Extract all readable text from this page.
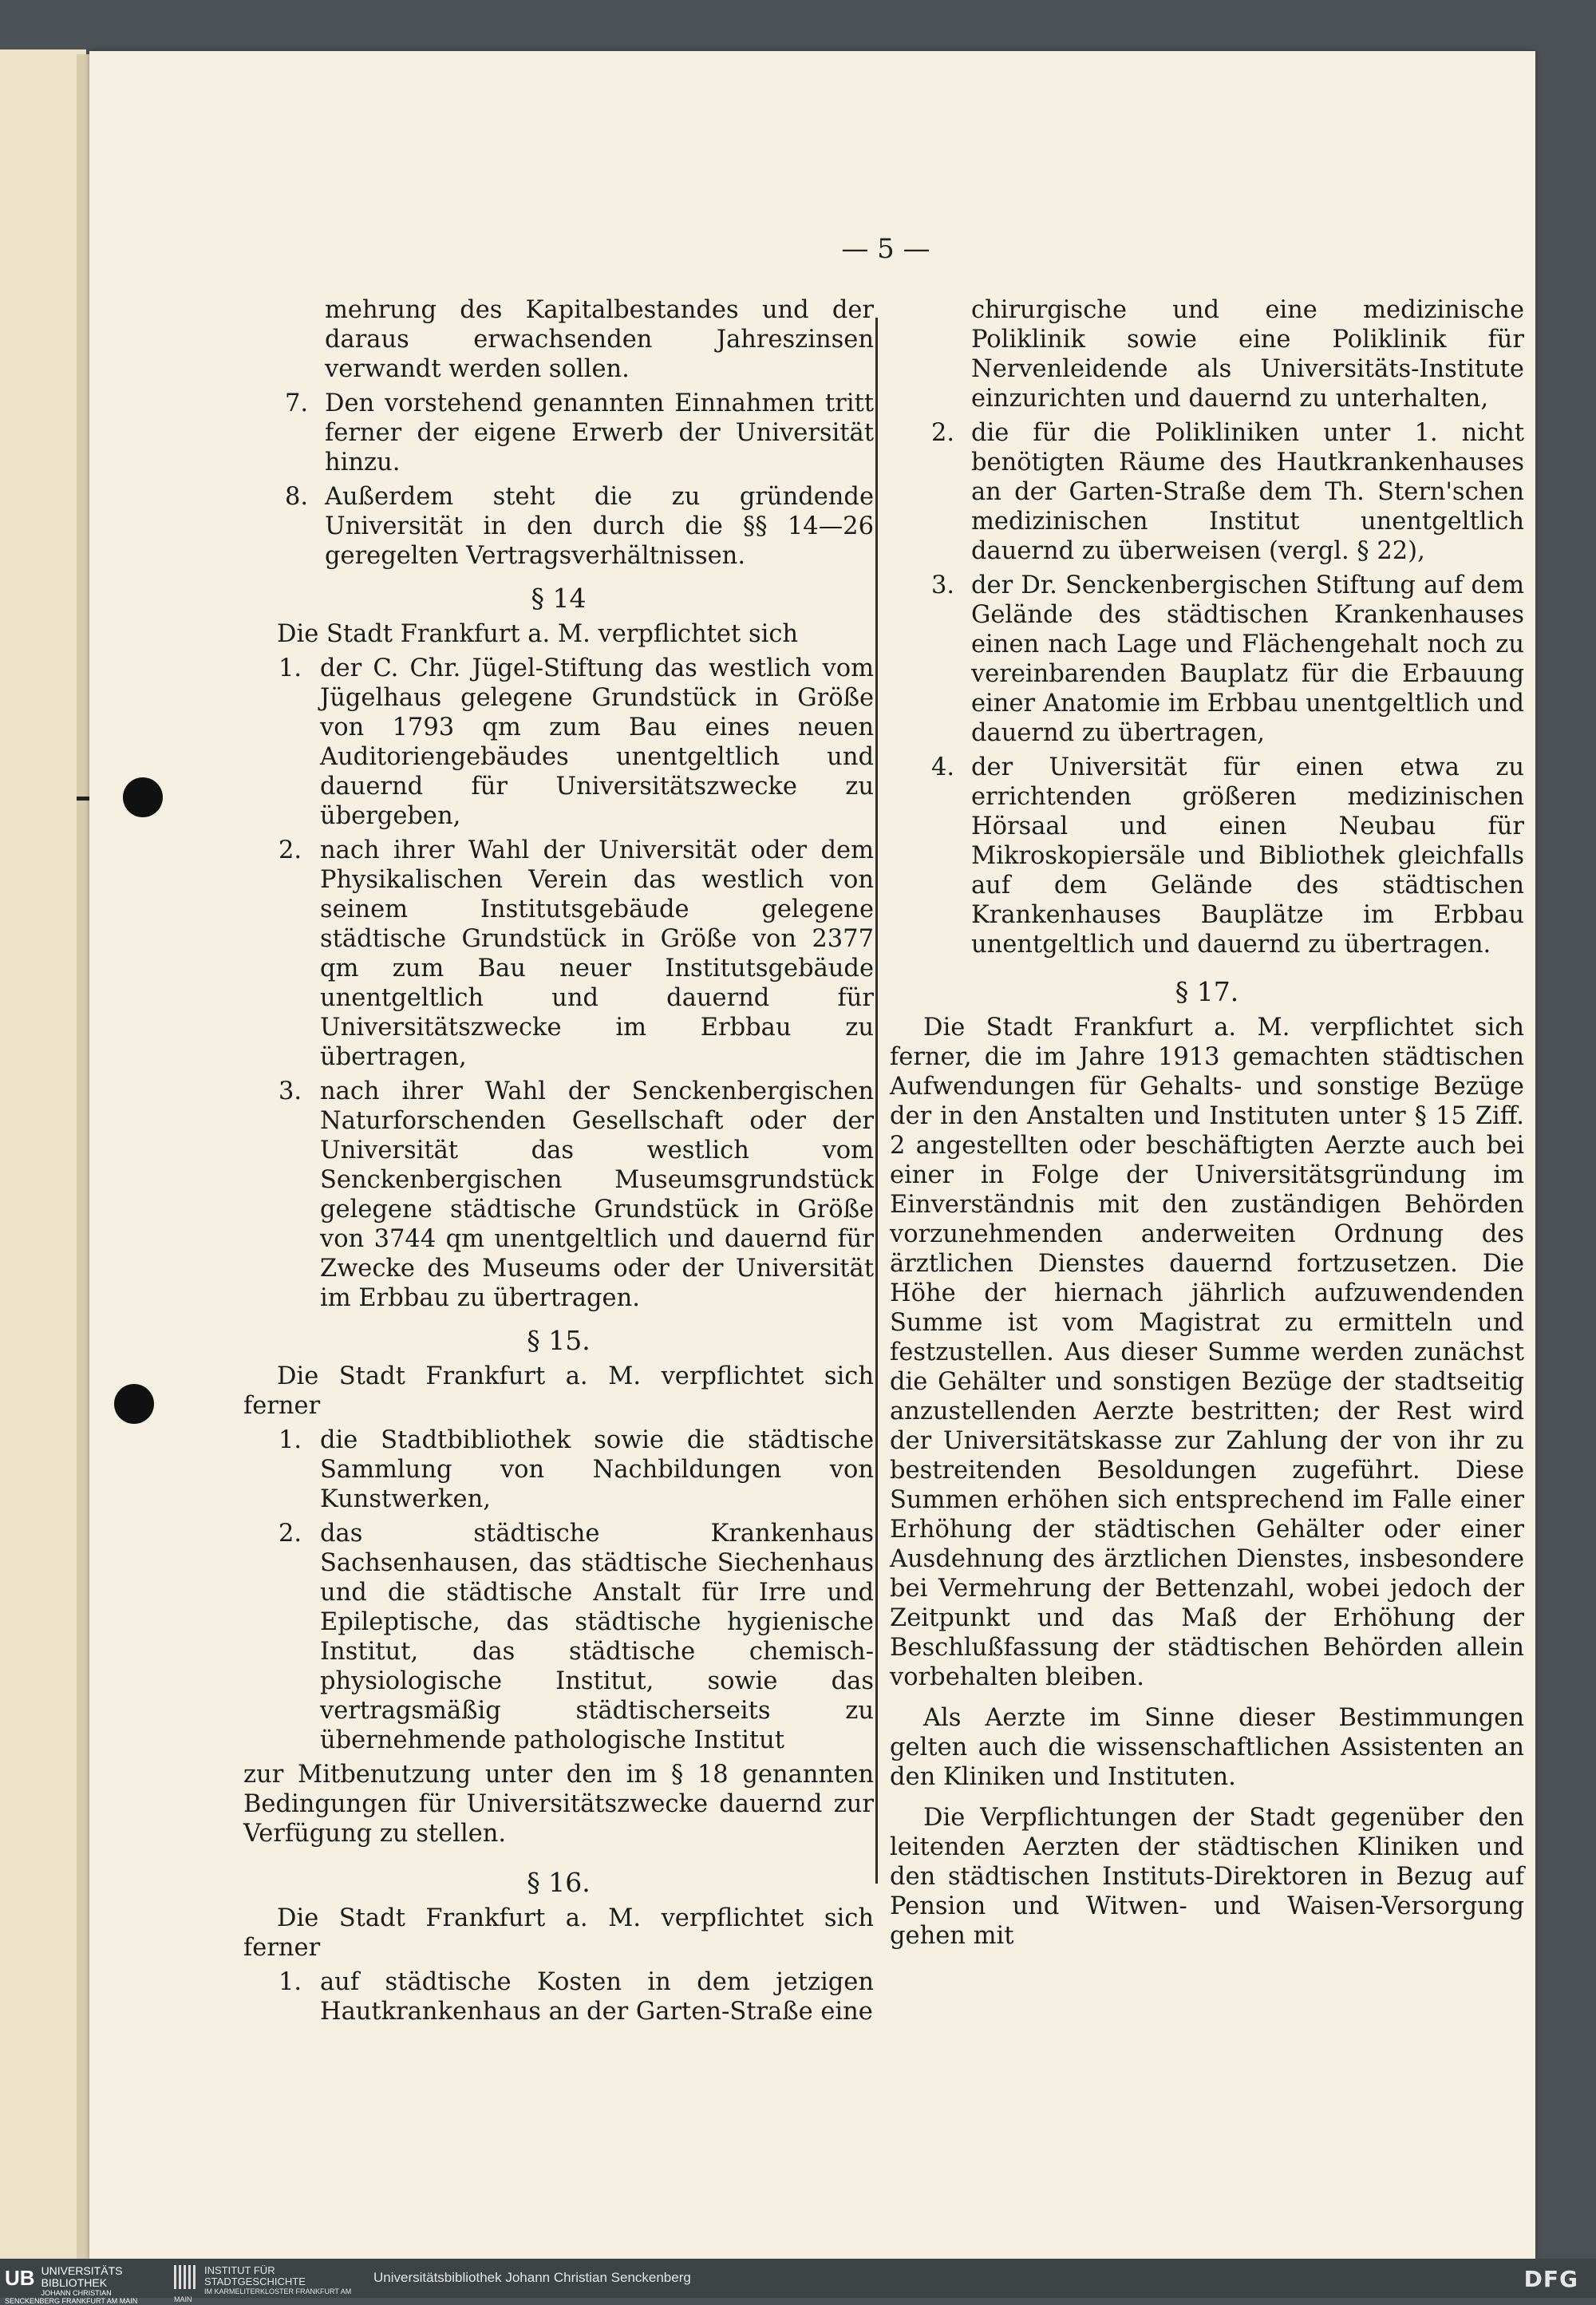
— 5 —

mehrung des Kapitalbestandes und der daraus erwachsenden Jahreszinsen verwandt werden sollen.

7. Den vorstehend genannten Einnahmen tritt ferner der eigene Erwerb der Universität hinzu.
8. Außerdem steht die zu gründende Universität in den durch die §§ 14—26 geregelten Vertragsverhältnissen.
§ 14

Die Stadt Frankfurt a. M. verpflichtet sich

1. der C. Chr. Jügel-Stiftung das westlich vom Jügelhaus gelegene Grundstück in Größe von 1793 qm zum Bau eines neuen Auditoriengebäudes unentgeltlich und dauernd für Universitätszwecke zu übergeben,
2. nach ihrer Wahl der Universität oder dem Physikalischen Verein das westlich von seinem Institutsgebäude gelegene städtische Grundstück in Größe von 2377 qm zum Bau neuer Institutsgebäude unentgeltlich und dauernd für Universitätszwecke im Erbbau zu übertragen,
3. nach ihrer Wahl der Senckenbergischen Naturforschenden Gesellschaft oder der Universität das westlich vom Senckenbergischen Museumsgrundstück gelegene städtische Grundstück in Größe von 3744 qm unentgeltlich und dauernd für Zwecke des Museums oder der Universität im Erbbau zu übertragen.
§ 15.

Die Stadt Frankfurt a. M. verpflichtet sich ferner

1. die Stadtbibliothek sowie die städtische Sammlung von Nachbildungen von Kunstwerken,
2. das städtische Krankenhaus Sachsenhausen, das städtische Siechenhaus und die städtische Anstalt für Irre und Epileptische, das städtische hygienische Institut, das städtische chemisch-physiologische Institut, sowie das vertragsmäßig städtischerseits zu übernehmende pathologische Institut

zur Mitbenutzung unter den im § 18 genannten Bedingungen für Universitätszwecke dauernd zur Verfügung zu stellen.

§ 16.

Die Stadt Frankfurt a. M. verpflichtet sich ferner

1. auf städtische Kosten in dem jetzigen Hautkrankenhaus an der Garten-Straße eine

chirurgische und eine medizinische Poliklinik sowie eine Poliklinik für Nervenleidende als Universitäts-Institute einzurichten und dauernd zu unterhalten,

2. die für die Polikliniken unter 1. nicht benötigten Räume des Hautkrankenhauses an der Garten-Straße dem Th. Stern'schen medizinischen Institut unentgeltlich dauernd zu überweisen (vergl. § 22),
3. der Dr. Senckenbergischen Stiftung auf dem Gelände des städtischen Krankenhauses einen nach Lage und Flächengehalt noch zu vereinbarenden Bauplatz für die Erbauung einer Anatomie im Erbbau unentgeltlich und dauernd zu übertragen,
4. der Universität für einen etwa zu errichtenden größeren medizinischen Hörsaal und einen Neubau für Mikroskopiersäle und Bibliothek gleichfalls auf dem Gelände des städtischen Krankenhauses Bauplätze im Erbbau unentgeltlich und dauernd zu übertragen.
§ 17.

Die Stadt Frankfurt a. M. verpflichtet sich ferner, die im Jahre 1913 gemachten städtischen Aufwendungen für Gehalts- und sonstige Bezüge der in den Anstalten und Instituten unter § 15 Ziff. 2 angestellten oder beschäftigten Aerzte auch bei einer in Folge der Universitätsgründung im Einverständnis mit den zuständigen Behörden vorzunehmenden anderweiten Ordnung des ärztlichen Dienstes dauernd fortzusetzen. Die Höhe der hiernach jährlich aufzuwendenden Summe ist vom Magistrat zu ermitteln und festzustellen. Aus dieser Summe werden zunächst die Gehälter und sonstigen Bezüge der stadtseitig anzustellenden Aerzte bestritten; der Rest wird der Universitätskasse zur Zahlung der von ihr zu bestreitenden Besoldungen zugeführt. Diese Summen erhöhen sich entsprechend im Falle einer Erhöhung der städtischen Gehälter oder einer Ausdehnung des ärztlichen Dienstes, insbesondere bei Vermehrung der Bettenzahl, wobei jedoch der Zeitpunkt und das Maß der Erhöhung der Beschlußfassung der städtischen Behörden allein vorbehalten bleiben.

Als Aerzte im Sinne dieser Bestimmungen gelten auch die wissenschaftlichen Assistenten an den Kliniken und Instituten.

Die Verpflichtungen der Stadt gegenüber den leitenden Aerzten der städtischen Kliniken und den städtischen Instituts-Direktoren in Bezug auf Pension und Witwen- und Waisen-Versorgung gehen mit

UB UNIVERSITÄTS BIBLIOTHEK
JOHANN CHRISTIAN SENCKENBERG FRANKFURT AM MAIN
INSTITUT FÜR STADTGESCHICHTE
IM KARMELITERKLOSTER FRANKFURT AM MAIN
Universitätsbibliothek Johann Christian Senckenberg	DFG
